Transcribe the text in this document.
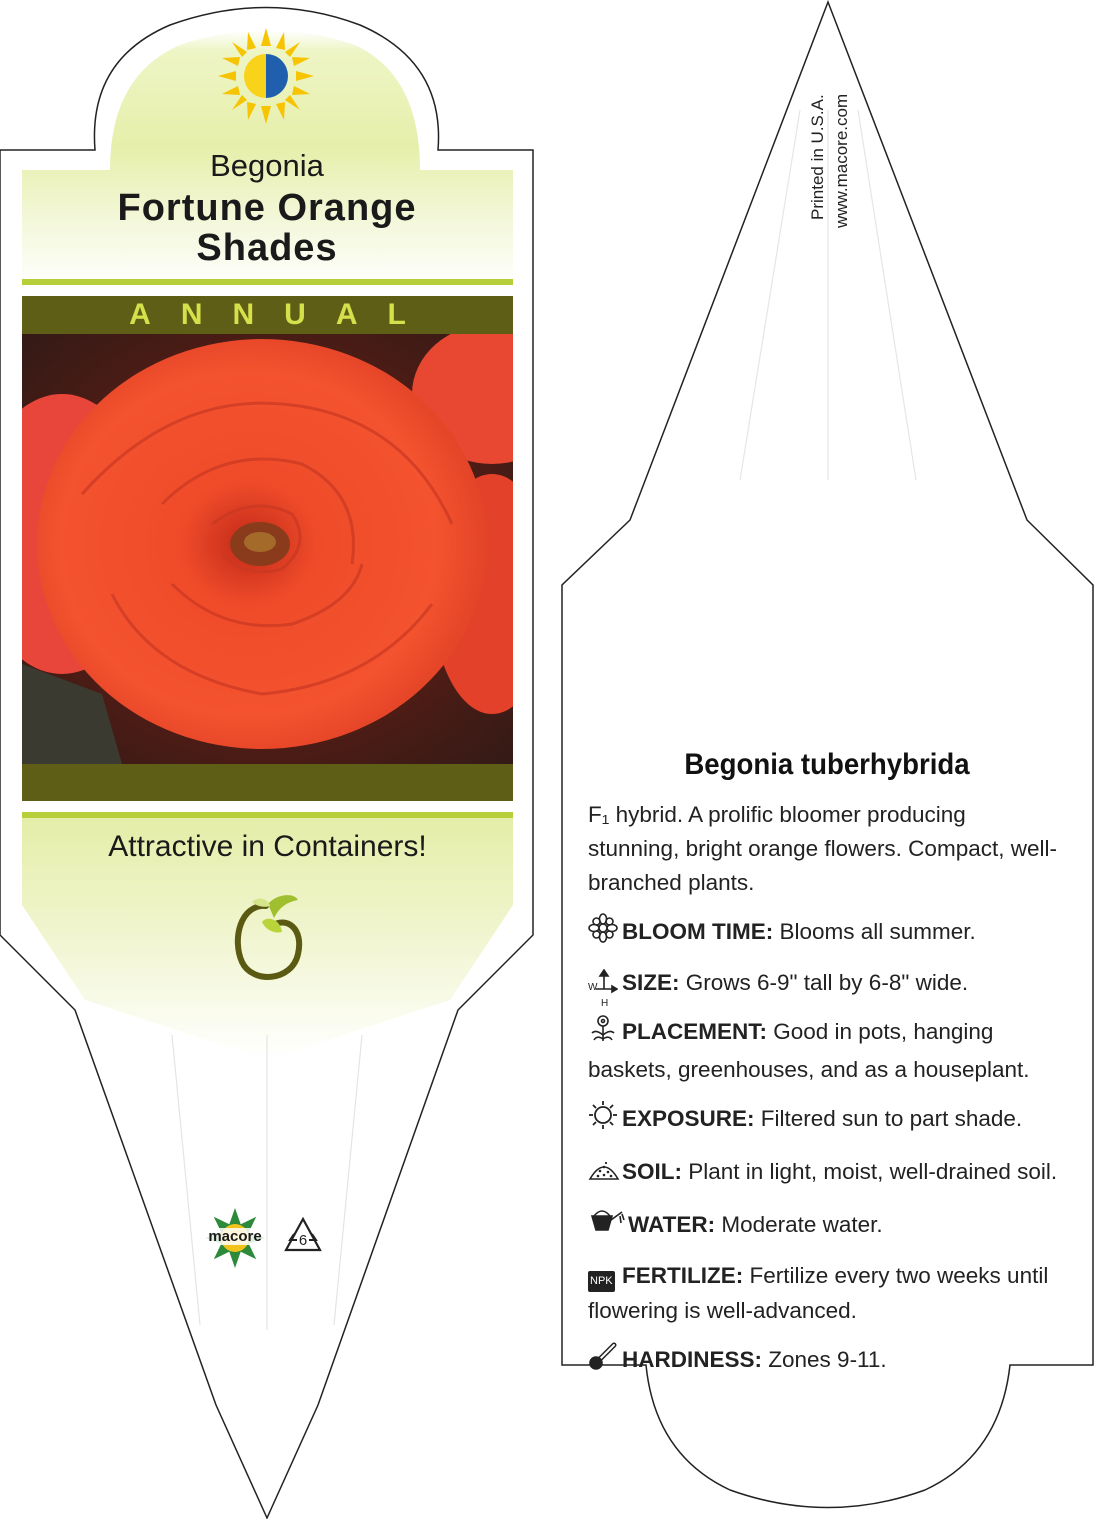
Begonia
Fortune Orange
Shades
ANNUAL
Attractive in Containers!
macore	6
Printed in U.S.A. www.macore.com
Begonia tuberhybrida

F₁ hybrid. A prolific bloomer producing stunning, bright orange flowers. Compact, well-branched plants.

BLOOM TIME: Blooms all summer.

W
H
SIZE: Grows 6-9" tall by 6-8" wide.

PLACEMENT: Good in pots, hanging baskets, greenhouses, and as a houseplant.

EXPOSURE: Filtered sun to part shade.

SOIL: Plant in light, moist, well-drained soil.

WATER: Moderate water.

NPK FERTILIZE: Fertilize every two weeks until flowering is well-advanced.

HARDINESS: Zones 9-11.
